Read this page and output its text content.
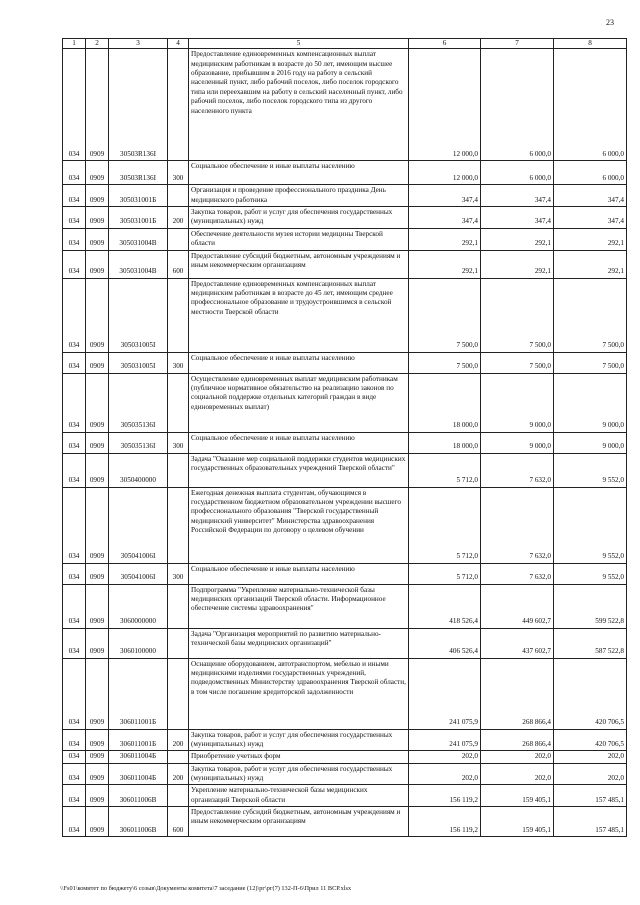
23
1	2	3	4	5	6	7	8
034	0909	30503R136I		Предоставление единовременных компенсационных выплат медицинским работникам в возрасте до 50 лет, имеющим высшее образование, прибывшим в 2016 году на работу в сельский населенный пункт, либо рабочий поселок, либо поселок городского типа или переехавшим на работу в сельский населенный пункт, либо рабочий поселок, либо поселок городского типа из другого населенного пункта	12 000,0	6 000,0	6 000,0
034	0909	30503R136I	300	Социальное обеспечение и иные выплаты населению	12 000,0	6 000,0	6 000,0
034	0909	305031001Б		Организация и проведение профессионального праздника День медицинского работника	347,4	347,4	347,4
034	0909	305031001Б	200	Закупка товаров, работ и услуг для обеспечения государственных (муниципальных) нужд	347,4	347,4	347,4
034	0909	305031004В		Обеспечение деятельности музея истории медицины Тверской области	292,1	292,1	292,1
034	0909	305031004В	600	Предоставление субсидий бюджетным, автономным учреждениям и иным некоммерческим организациям	292,1	292,1	292,1
034	0909	305031005I		Предоставление единовременных компенсационных выплат медицинским работникам в возрасте до 45 лет, имеющим среднее профессиональное образование и трудоустроившимся в сельской местности Тверской области	7 500,0	7 500,0	7 500,0
034	0909	305031005I	300	Социальное обеспечение и иные выплаты населению	7 500,0	7 500,0	7 500,0
034	0909	305035136I		Осуществление единовременных выплат медицинским работникам (публичное нормативное обязательство на реализацию законов по социальной поддержке отдельных категорий граждан в виде единовременных выплат)	18 000,0	9 000,0	9 000,0
034	0909	305035136I	300	Социальное обеспечение и иные выплаты населению	18 000,0	9 000,0	9 000,0
034	0909	3050400000		Задача "Оказание мер социальной поддержки студентов медицинских государственных образовательных учреждений Тверской области"	5 712,0	7 632,0	9 552,0
034	0909	305041006I		Ежегодная денежная выплата студентам, обучающимся в государственном бюджетном образовательном учреждении высшего профессионального образования "Тверской государственный медицинский университет" Министерства здравоохранения Российской Федерации по договору о целевом обучении	5 712,0	7 632,0	9 552,0
034	0909	305041006I	300	Социальное обеспечение и иные выплаты населению	5 712,0	7 632,0	9 552,0
034	0909	3060000000		Подпрограмма "Укрепление материально-технической базы медицинских организаций Тверской области. Информационное обеспечение системы здравоохранения"	418 526,4	449 602,7	599 522,8
034	0909	3060100000		Задача "Организация мероприятий по развитию материально-технической базы медицинских организаций"	406 526,4	437 602,7	587 522,8
034	0909	306011001Б		Оснащение оборудованием, автотранспортом, мебелью и иными медицинскими изделиями государственных учреждений, подведомственных Министерству здравоохранения Тверской области, в том числе погашение кредиторской задолженности	241 075,9	268 866,4	420 706,5
034	0909	306011001Б	200	Закупка товаров, работ и услуг для обеспечения государственных (муниципальных) нужд	241 075,9	268 866,4	420 706,5
034	0909	306011004Б		Приобретение учетных форм	202,0	202,0	202,0
034	0909	306011004Б	200	Закупка товаров, работ и услуг для обеспечения государственных (муниципальных) нужд	202,0	202,0	202,0
034	0909	306011006В		Укрепление материально-технической базы медицинских организаций Тверской области	156 119,2	159 405,1	157 485,1
034	0909	306011006В	600	Предоставление субсидий бюджетным, автономным учреждениям и иным некоммерческим организациям	156 119,2	159 405,1	157 485,1
\\Fs01\комитет по бюджету\6 созыв\Документы комитета\7 заседание (12)\рг\рг(7) 132-П-6\Прил 11 ВСР.xlsx
